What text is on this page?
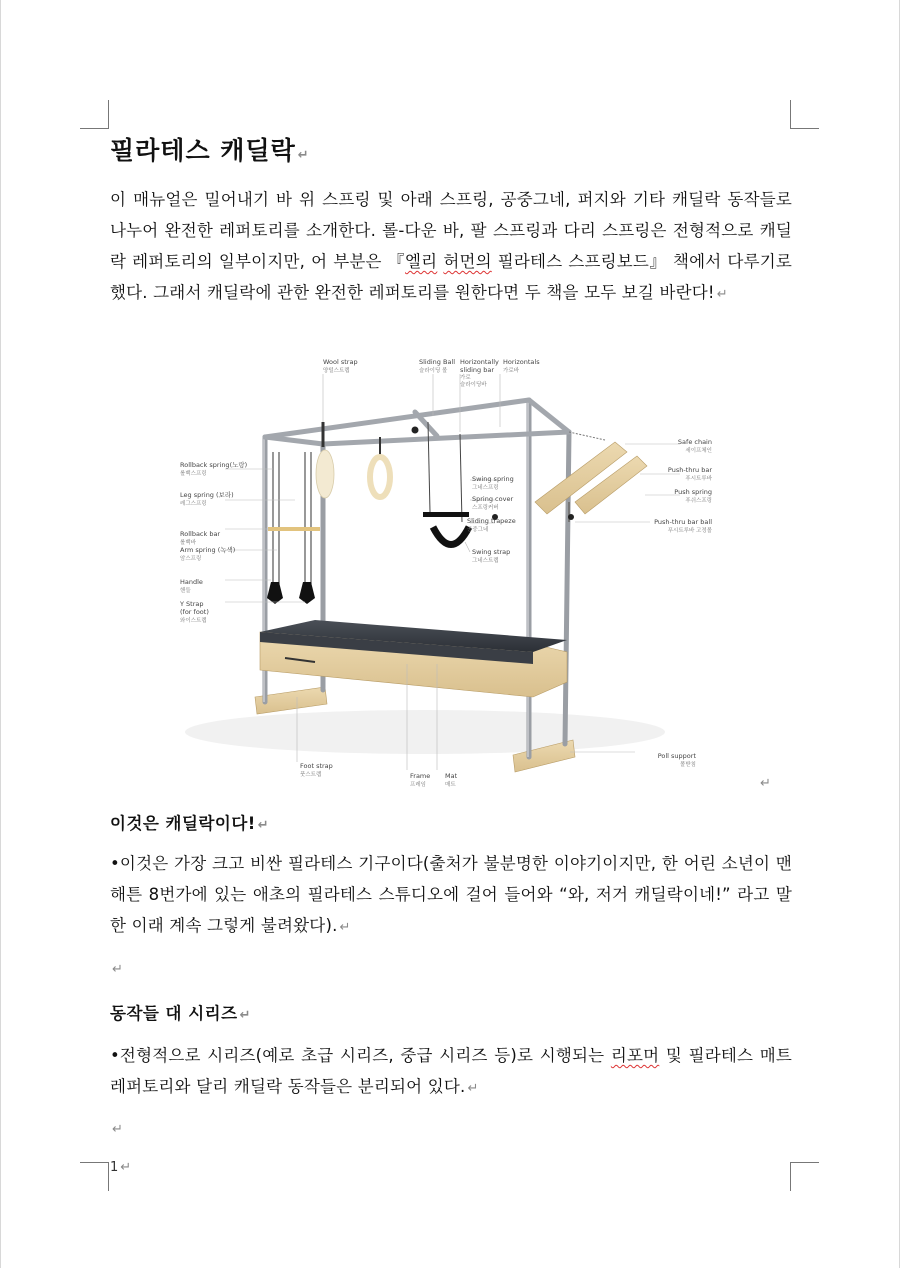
필라테스 캐딜락 ↵

이 매뉴얼은 밀어내기 바 위 스프링 및 아래 스프링, 공중그네, 퍼지와 기타 캐딜락 동작들로 나누어 완전한 레퍼토리를 소개한다. 롤-다운 바, 팔 스프링과 다리 스프링은 전형적으로 캐딜락 레퍼토리의 일부이지만, 어 부분은 『엘리 허먼의 필라테스 스프링보드』 책에서 다루기로 했다. 그래서 캐딜락에 관한 완전한 레퍼토리를 원한다면 두 책을 모두 보길 바란다! ↵

이것은 캐딜락이다! ↵

•이것은 가장 크고 비싼 필라테스 기구이다(출처가 불분명한 이야기이지만, 한 어린 소년이 맨해튼 8번가에 있는 애초의 필라테스 스튜디오에 걸어 들어와 “와, 저거 캐딜락이네!” 라고 말한 이래 계속 그렇게 불려왔다). ↵

↵
동작들 대 시리즈 ↵

•전형적으로 시리즈(예로 초급 시리즈, 중급 시리즈 등)로 시행되는 리포머 및 필라테스 매트 레퍼토리와 달리 캐딜락 동작들은 분리되어 있다. ↵

↵
↵
1 ↵
Wool strap
양털스트랩
Sliding Ball
슬라이딩 볼
Horizontally
sliding bar
가로
슬라이딩바
Horizontals
가로바
Safe chain
세이프체인
Push-thru bar
푸시트루바
Push spring
푸쉬스프링
Push-thru bar ball
푸시트루바 고정볼
Rollback spring(노랑)
롤백스프링
Leg spring (보라)
레그스프링
Rollback bar
롤백바
Arm spring (녹색)
암스프링
Handle
핸들
Y Strap
(for foot)
와이스트랩
Swing spring
그네스프링
Spring cover
스프링커버
Sliding trapeze
공중그네
Swing strap
그네스트랩
Foot strap
풋스트랩	Frame
프레임
Mat
매트
Poll support
폴받침
